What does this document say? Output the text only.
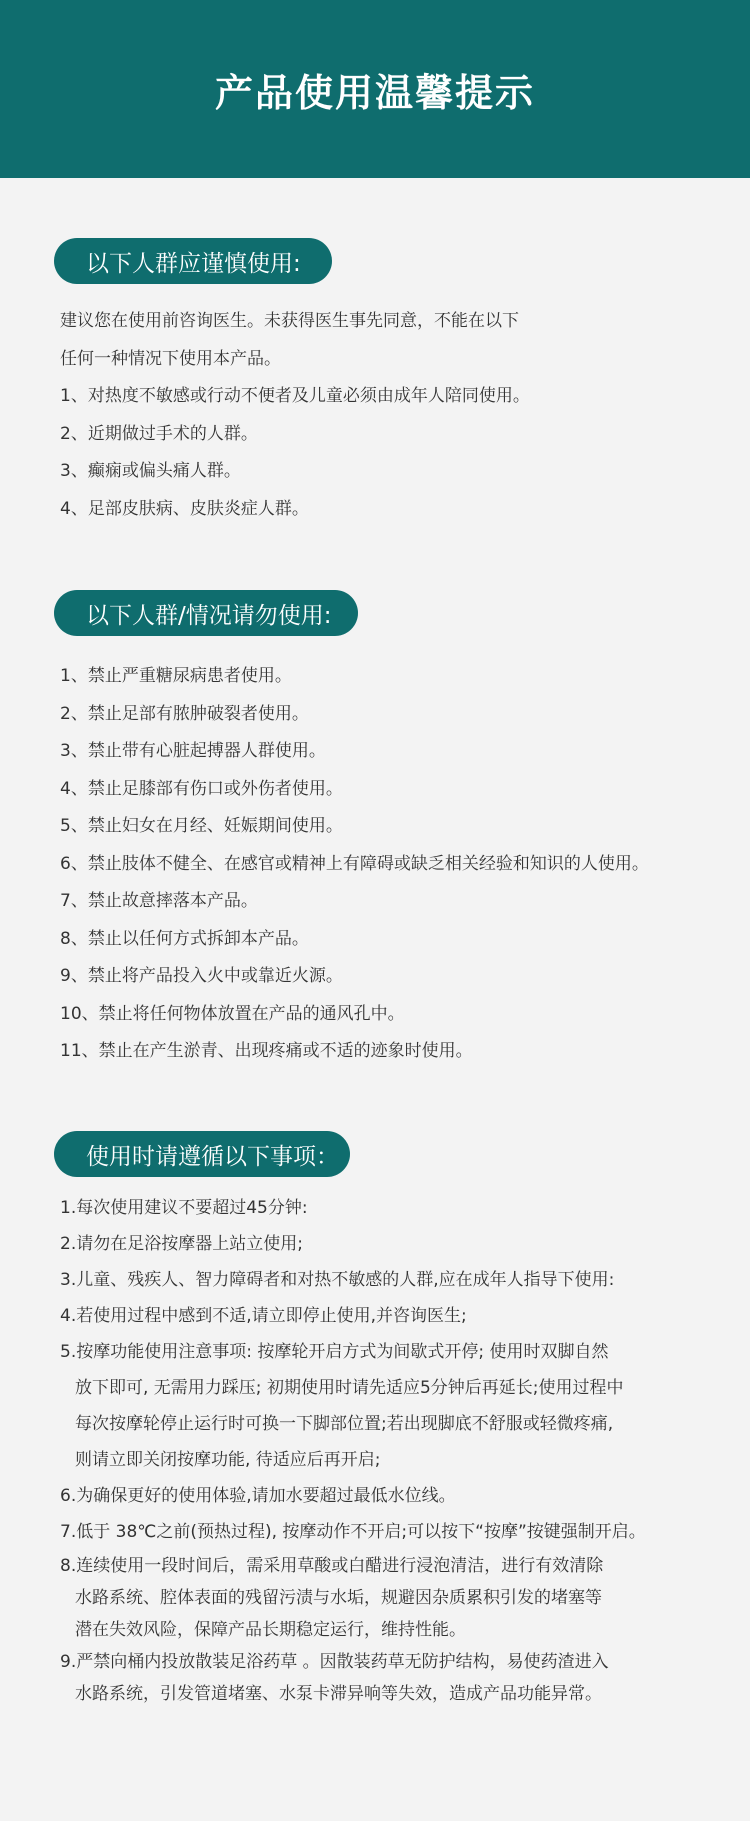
产品使用温馨提示
以下人群应谨慎使用:
建议您在使用前咨询医生。未获得医生事先同意，不能在以下
任何一种情况下使用本产品。
1、对热度不敏感或行动不便者及儿童必须由成年人陪同使用。
2、近期做过手术的人群。
3、癫痫或偏头痛人群。
4、足部皮肤病、皮肤炎症人群。
以下人群/情况请勿使用:
1、禁止严重糖尿病患者使用。
2、禁止足部有脓肿破裂者使用。
3、禁止带有心脏起搏器人群使用。
4、禁止足膝部有伤口或外伤者使用。
5、禁止妇女在月经、妊娠期间使用。
6、禁止肢体不健全、在感官或精神上有障碍或缺乏相关经验和知识的人使用。
7、禁止故意摔落本产品。
8、禁止以任何方式拆卸本产品。
9、禁止将产品投入火中或靠近火源。
10、禁止将任何物体放置在产品的通风孔中。
11、禁止在产生淤青、出现疼痛或不适的迹象时使用。
使用时请遵循以下事项：
1.每次使用建议不要超过45分钟:
2.请勿在足浴按摩器上站立使用;
3.儿童、残疾人、智力障碍者和对热不敏感的人群,应在成年人指导下使用:
4.若使用过程中感到不适,请立即停止使用,并咨询医生;
5.按摩功能使用注意事项: 按摩轮开启方式为间歇式开停; 使用时双脚自然
放下即可, 无需用力踩压; 初期使用时请先适应5分钟后再延长;使用过程中
每次按摩轮停止运行时可换一下脚部位置;若出现脚底不舒服或轻微疼痛,
则请立即关闭按摩功能, 待适应后再开启;
6.为确保更好的使用体验,请加水要超过最低水位线。
7.低于 38℃之前(预热过程), 按摩动作不开启;可以按下“按摩”按键强制开启。
8.连续使用一段时间后，需采用草酸或白醋进行浸泡清洁，进行有效清除
水路系统、腔体表面的残留污渍与水垢，规避因杂质累积引发的堵塞等
潜在失效风险，保障产品长期稳定运行，维持性能。
9.严禁向桶内投放散装足浴药草 。因散装药草无防护结构，易使药渣进入
水路系统，引发管道堵塞、水泵卡滞异响等失效，造成产品功能异常。
